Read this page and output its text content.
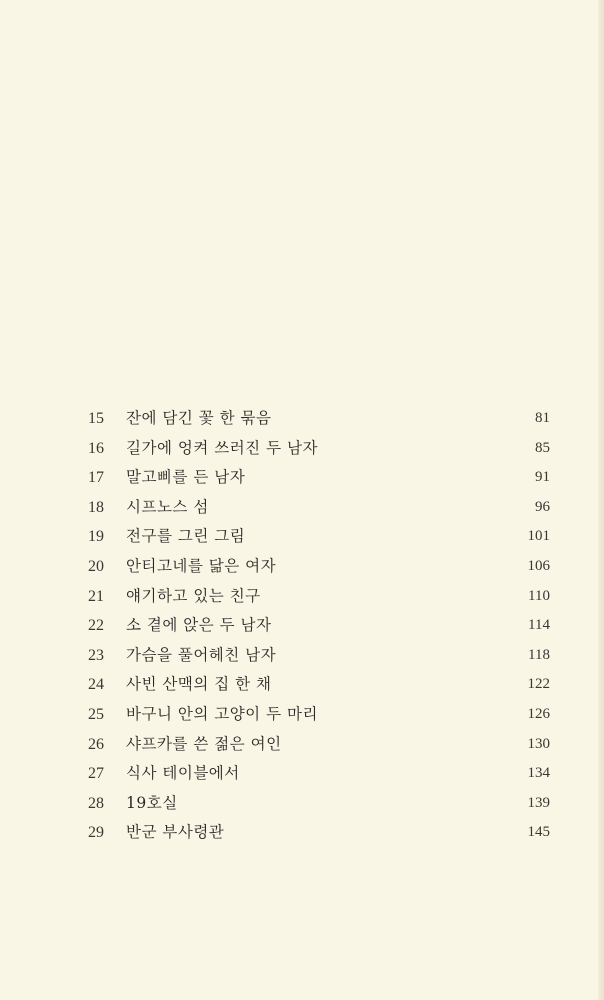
15	잔에 담긴 꽃 한 묶음	81
16	길가에 엉켜 쓰러진 두 남자	85
17	말고삐를 든 남자	91
18	시프노스 섬	96
19	전구를 그린 그림	101
20	안티고네를 닮은 여자	106
21	얘기하고 있는 친구	110
22	소 곁에 앉은 두 남자	114
23	가슴을 풀어헤친 남자	118
24	사빈 산맥의 집 한 채	122
25	바구니 안의 고양이 두 마리	126
26	샤프카를 쓴 젊은 여인	130
27	식사 테이블에서	134
28	19호실	139
29	반군 부사령관	145
